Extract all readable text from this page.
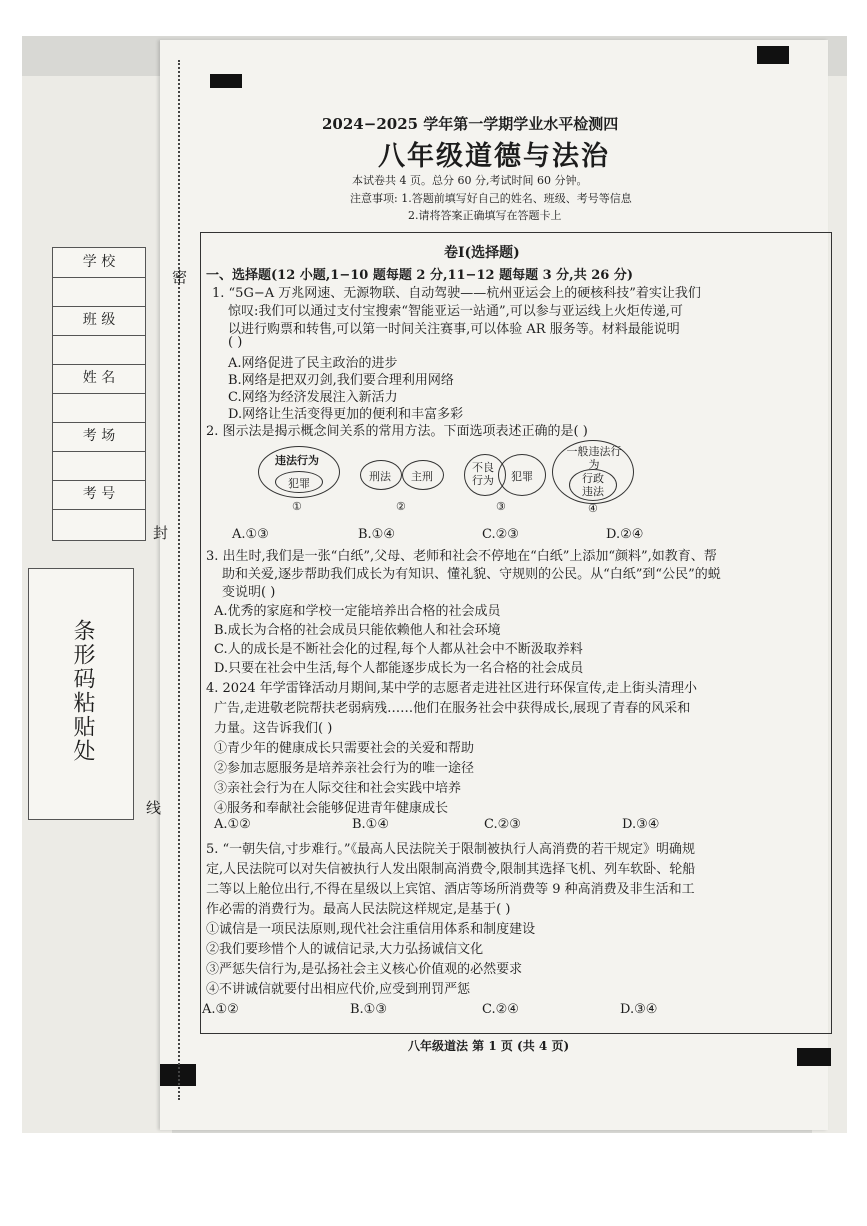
密
封
线
学 校
班 级
姓 名
考 场
考 号
条形码粘贴处
2024−2025 学年第一学期学业水平检测四
八年级道德与法治
本试卷共 4 页。总分 60 分,考试时间 60 分钟。
注意事项: 1.答题前填写好自己的姓名、班级、考号等信息
2.请将答案正确填写在答题卡上
卷Ⅰ(选择题)
一、选择题(12 小题,1−10 题每题 2 分,11−12 题每题 3 分,共 26 分)
1. “5G−A 万兆网速、无源物联、自动驾驶——杭州亚运会上的硬核科技”着实让我们
惊叹:我们可以通过支付宝搜索“智能亚运一站通”,可以参与亚运线上火炬传递,可
以进行购票和转售,可以第一时间关注赛事,可以体验 AR 服务等。材料最能说明
( )
A.网络促进了民主政治的进步
B.网络是把双刃剑,我们要合理利用网络
C.网络为经济发展注入新活力
D.网络让生活变得更加的便利和丰富多彩
2. 图示法是揭示概念间关系的常用方法。下面选项表述正确的是( )
违法行为
犯罪
①
刑法 主刑
②
不良行为	犯罪
③
一般违法行为
行政违法
④
A.①③	B.①④	C.②③	D.②④
3. 出生时,我们是一张“白纸”,父母、老师和社会不停地在“白纸”上添加“颜料”,如教育、帮
助和关爱,逐步帮助我们成长为有知识、懂礼貌、守规则的公民。从“白纸”到“公民”的蜕
变说明( )
A.优秀的家庭和学校一定能培养出合格的社会成员
B.成长为合格的社会成员只能依赖他人和社会环境
C.人的成长是不断社会化的过程,每个人都从社会中不断汲取养料
D.只要在社会中生活,每个人都能逐步成长为一名合格的社会成员
4. 2024 年学雷锋活动月期间,某中学的志愿者走进社区进行环保宣传,走上街头清理小
广告,走进敬老院帮扶老弱病残……他们在服务社会中获得成长,展现了青春的风采和
力量。这告诉我们( )
①青少年的健康成长只需要社会的关爱和帮助
②参加志愿服务是培养亲社会行为的唯一途径
③亲社会行为在人际交往和社会实践中培养
④服务和奉献社会能够促进青年健康成长
A.①②	B.①④	C.②③	D.③④
5. “一朝失信,寸步难行。”《最高人民法院关于限制被执行人高消费的若干规定》明确规
定,人民法院可以对失信被执行人发出限制高消费令,限制其选择飞机、列车软卧、轮船
二等以上舱位出行,不得在星级以上宾馆、酒店等场所消费等 9 种高消费及非生活和工
作必需的消费行为。最高人民法院这样规定,是基于( )
①诚信是一项民法原则,现代社会注重信用体系和制度建设
②我们要珍惜个人的诚信记录,大力弘扬诚信文化
③严惩失信行为,是弘扬社会主义核心价值观的必然要求
④不讲诚信就要付出相应代价,应受到刑罚严惩
A.①②	B.①③	C.②④	D.③④
八年级道法 第 1 页 (共 4 页)
